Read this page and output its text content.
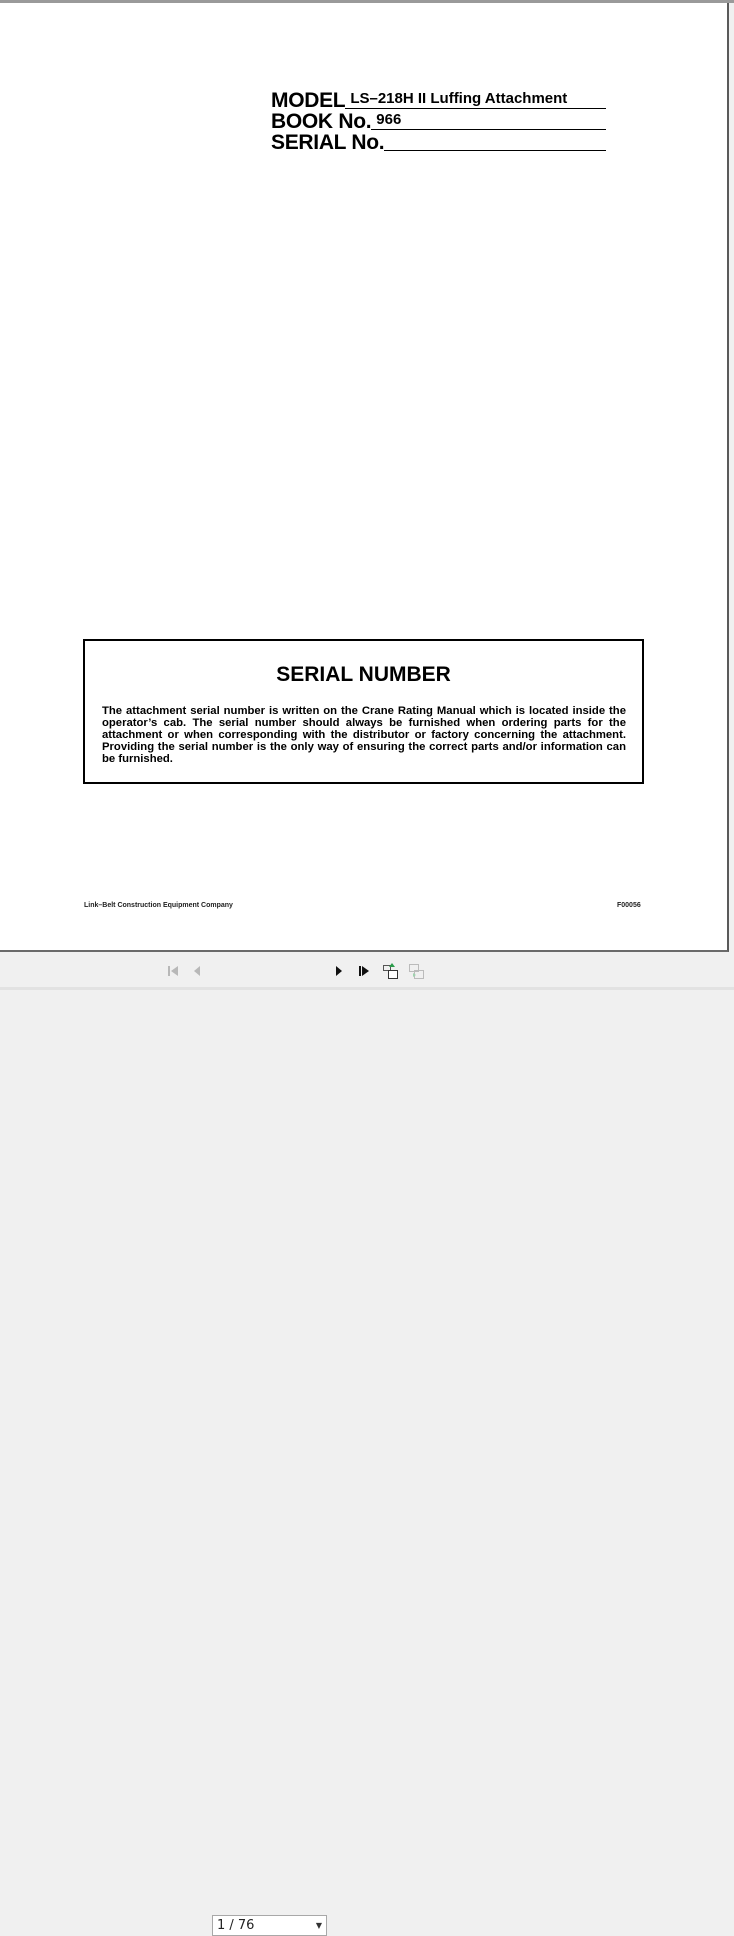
MODEL LS–218H II Luffing Attachment
BOOK No. 966
SERIAL No.
SERIAL NUMBER
The attachment serial number is written on the Crane Rating Manual which is located inside the operator’s cab. The serial number should always be furnished when ordering parts for the attachment or when corresponding with the distributor or factory concerning the attachment. Providing the serial number is the only way of ensuring the correct parts and/or information can be furnished.
Link–Belt Construction Equipment Company	F00056
1 / 76	▼
